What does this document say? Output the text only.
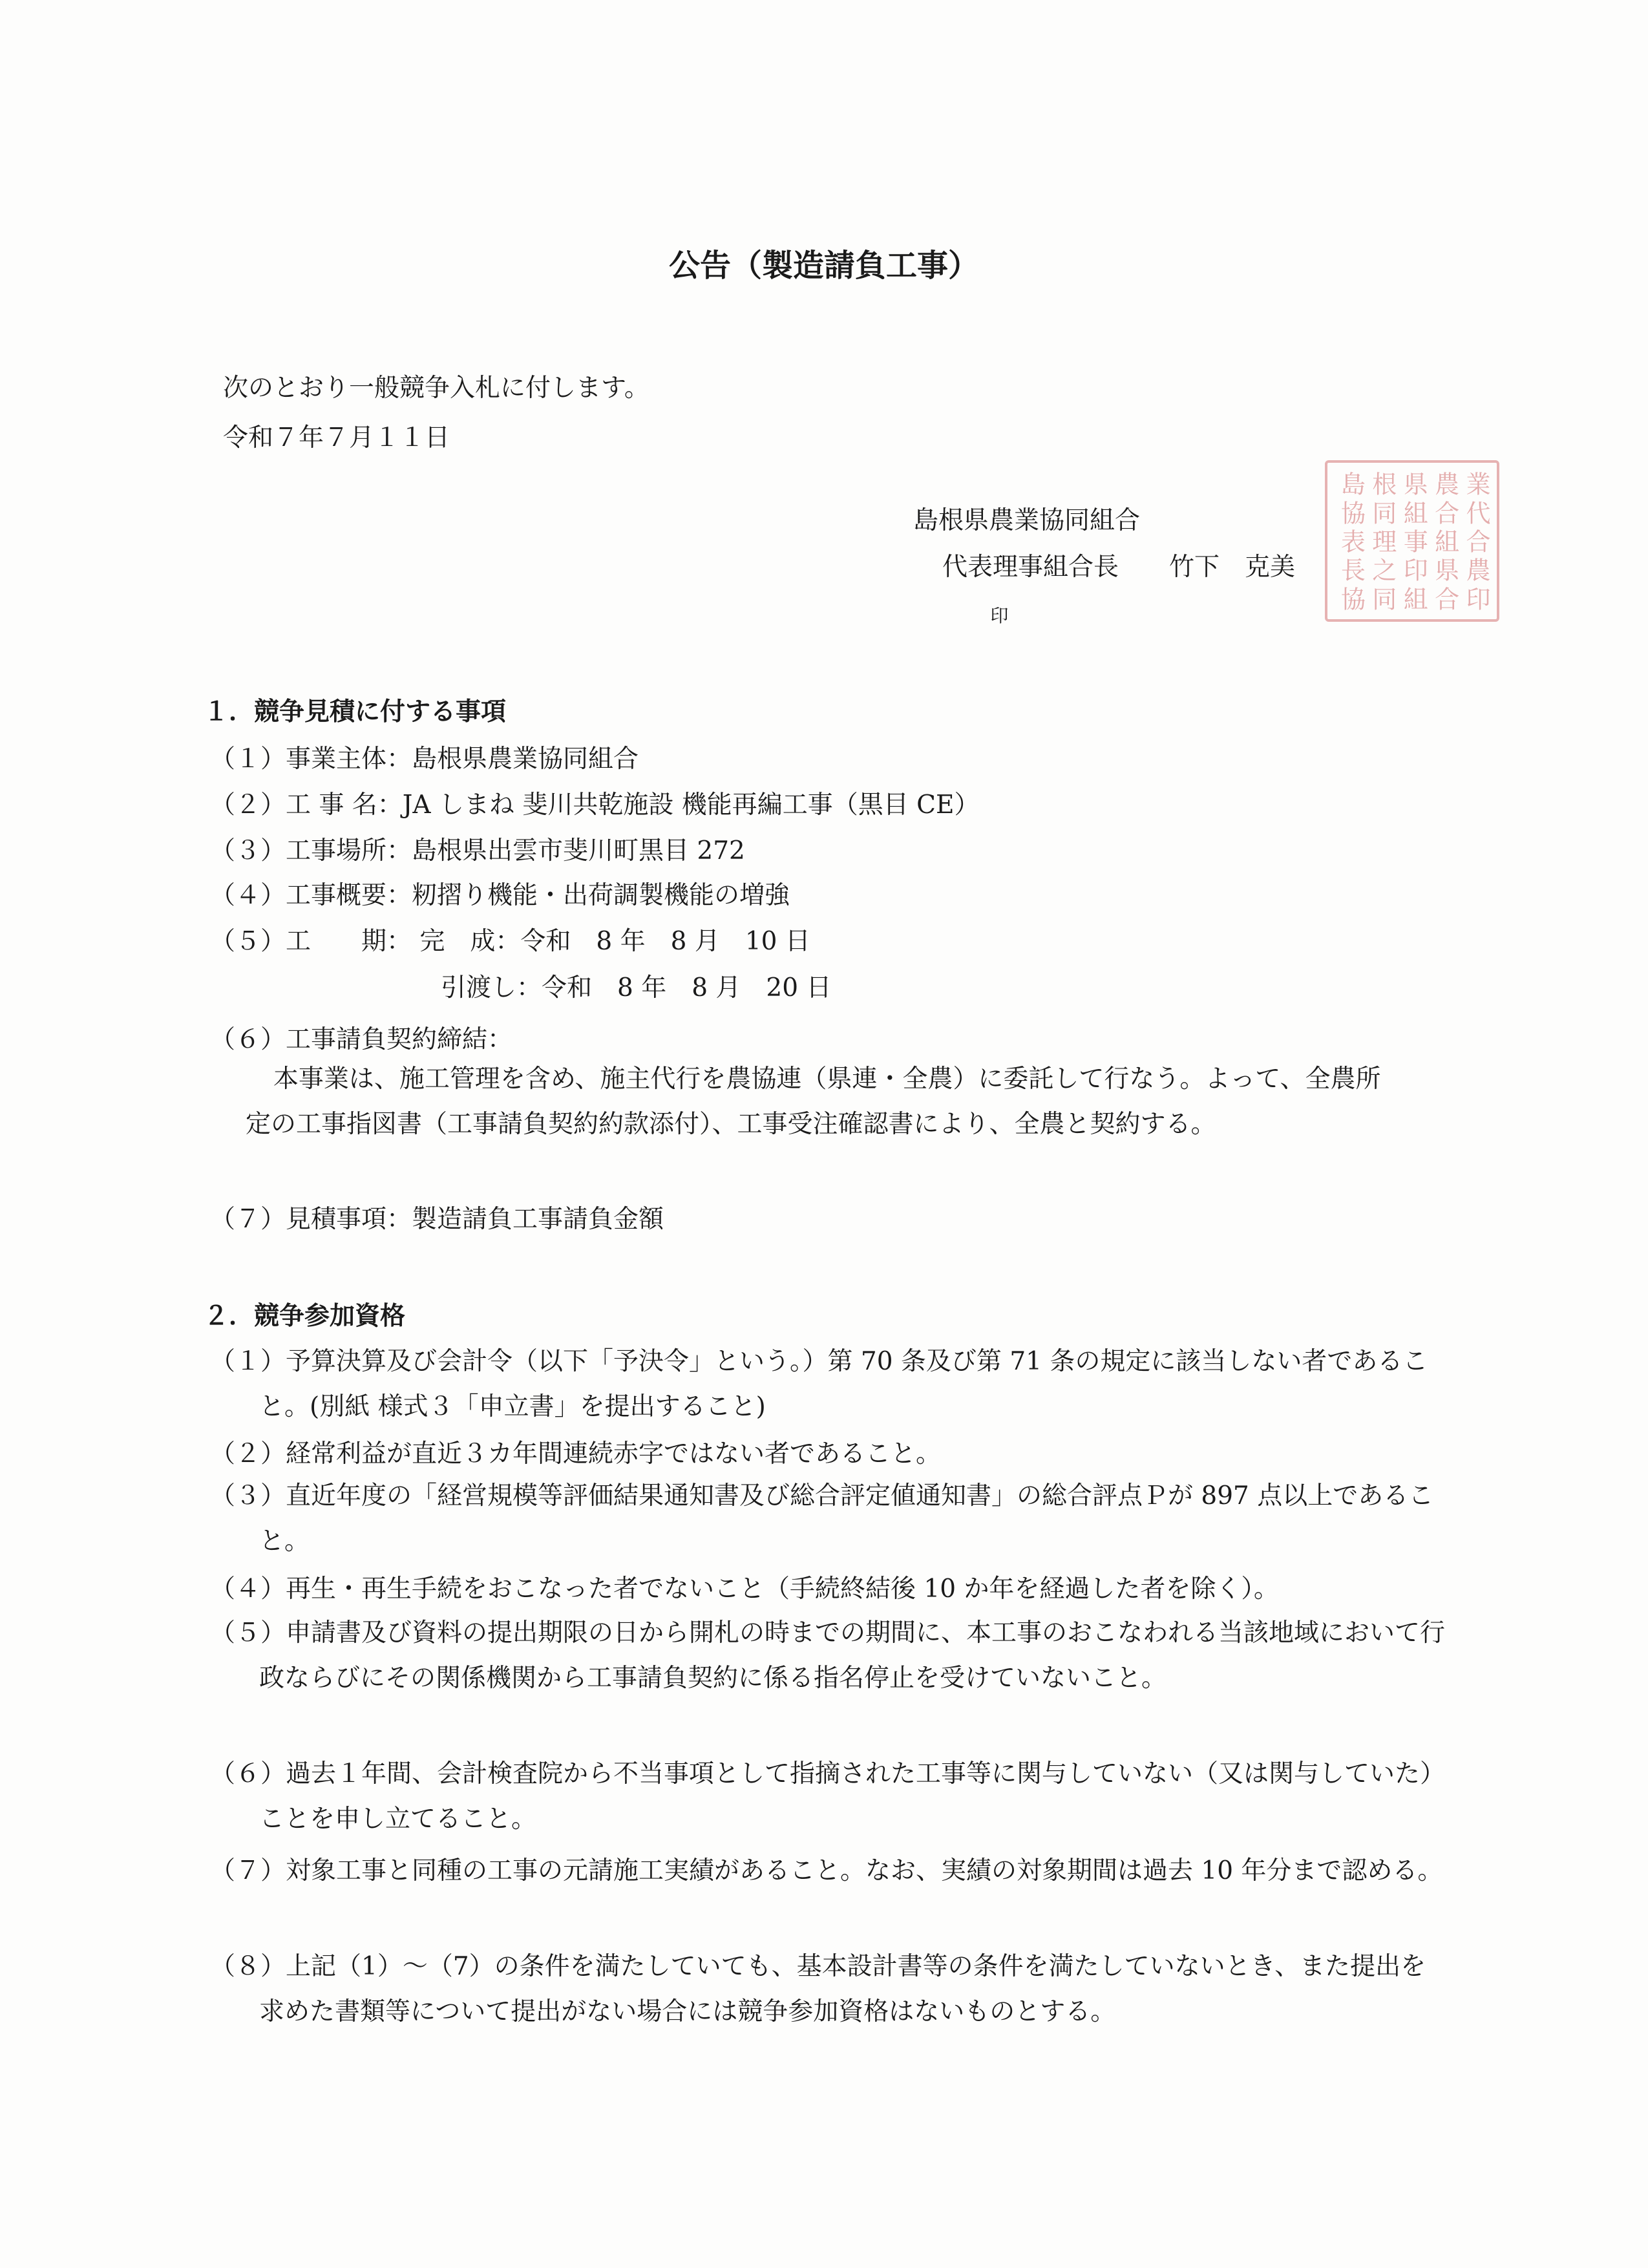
公告（製造請負工事）
次のとおり一般競争入札に付します。
令和７年７月１１日
島根県農業協同組合
代表理事組合長　　竹下　克美
印
島 根 県 農 業
協 同 組 合 代
表 理 事 組 合
長 之 印 県 農
協 同 組 合 印
１．競争見積に付する事項
（１）事業主体：島根県農業協同組合
（２）工 事 名：JA しまね 斐川共乾施設 機能再編工事（黒目 CE）
（３）工事場所：島根県出雲市斐川町黒目 272
（４）工事概要：籾摺り機能・出荷調製機能の増強
（５）工　　期： 完　成：令和　8 年　8 月　10 日
引渡し：令和　8 年　8 月　20 日
（６）工事請負契約締結：
本事業は、施工管理を含め、施主代行を農協連（県連・全農）に委託して行なう。よって、全農所定の工事指図書（工事請負契約約款添付）、工事受注確認書により、全農と契約する。
（７）見積事項：製造請負工事請負金額
２．競争参加資格
（１）予算決算及び会計令（以下「予決令」という。）第 70 条及び第 71 条の規定に該当しない者であること。(別紙 様式３「申立書」を提出すること)
（２）経常利益が直近３カ年間連続赤字ではない者であること。
（３）直近年度の「経営規模等評価結果通知書及び総合評定値通知書」の総合評点Ｐが 897 点以上であること。
（４）再生・再生手続をおこなった者でないこと（手続終結後 10 か年を経過した者を除く）。
（５）申請書及び資料の提出期限の日から開札の時までの期間に、本工事のおこなわれる当該地域において行政ならびにその関係機関から工事請負契約に係る指名停止を受けていないこと。
（６）過去１年間、会計検査院から不当事項として指摘された工事等に関与していない（又は関与していた）ことを申し立てること。
（７）対象工事と同種の工事の元請施工実績があること。なお、実績の対象期間は過去 10 年分まで認める。
（８）上記（1）～（7）の条件を満たしていても、基本設計書等の条件を満たしていないとき、また提出を求めた書類等について提出がない場合には競争参加資格はないものとする。
